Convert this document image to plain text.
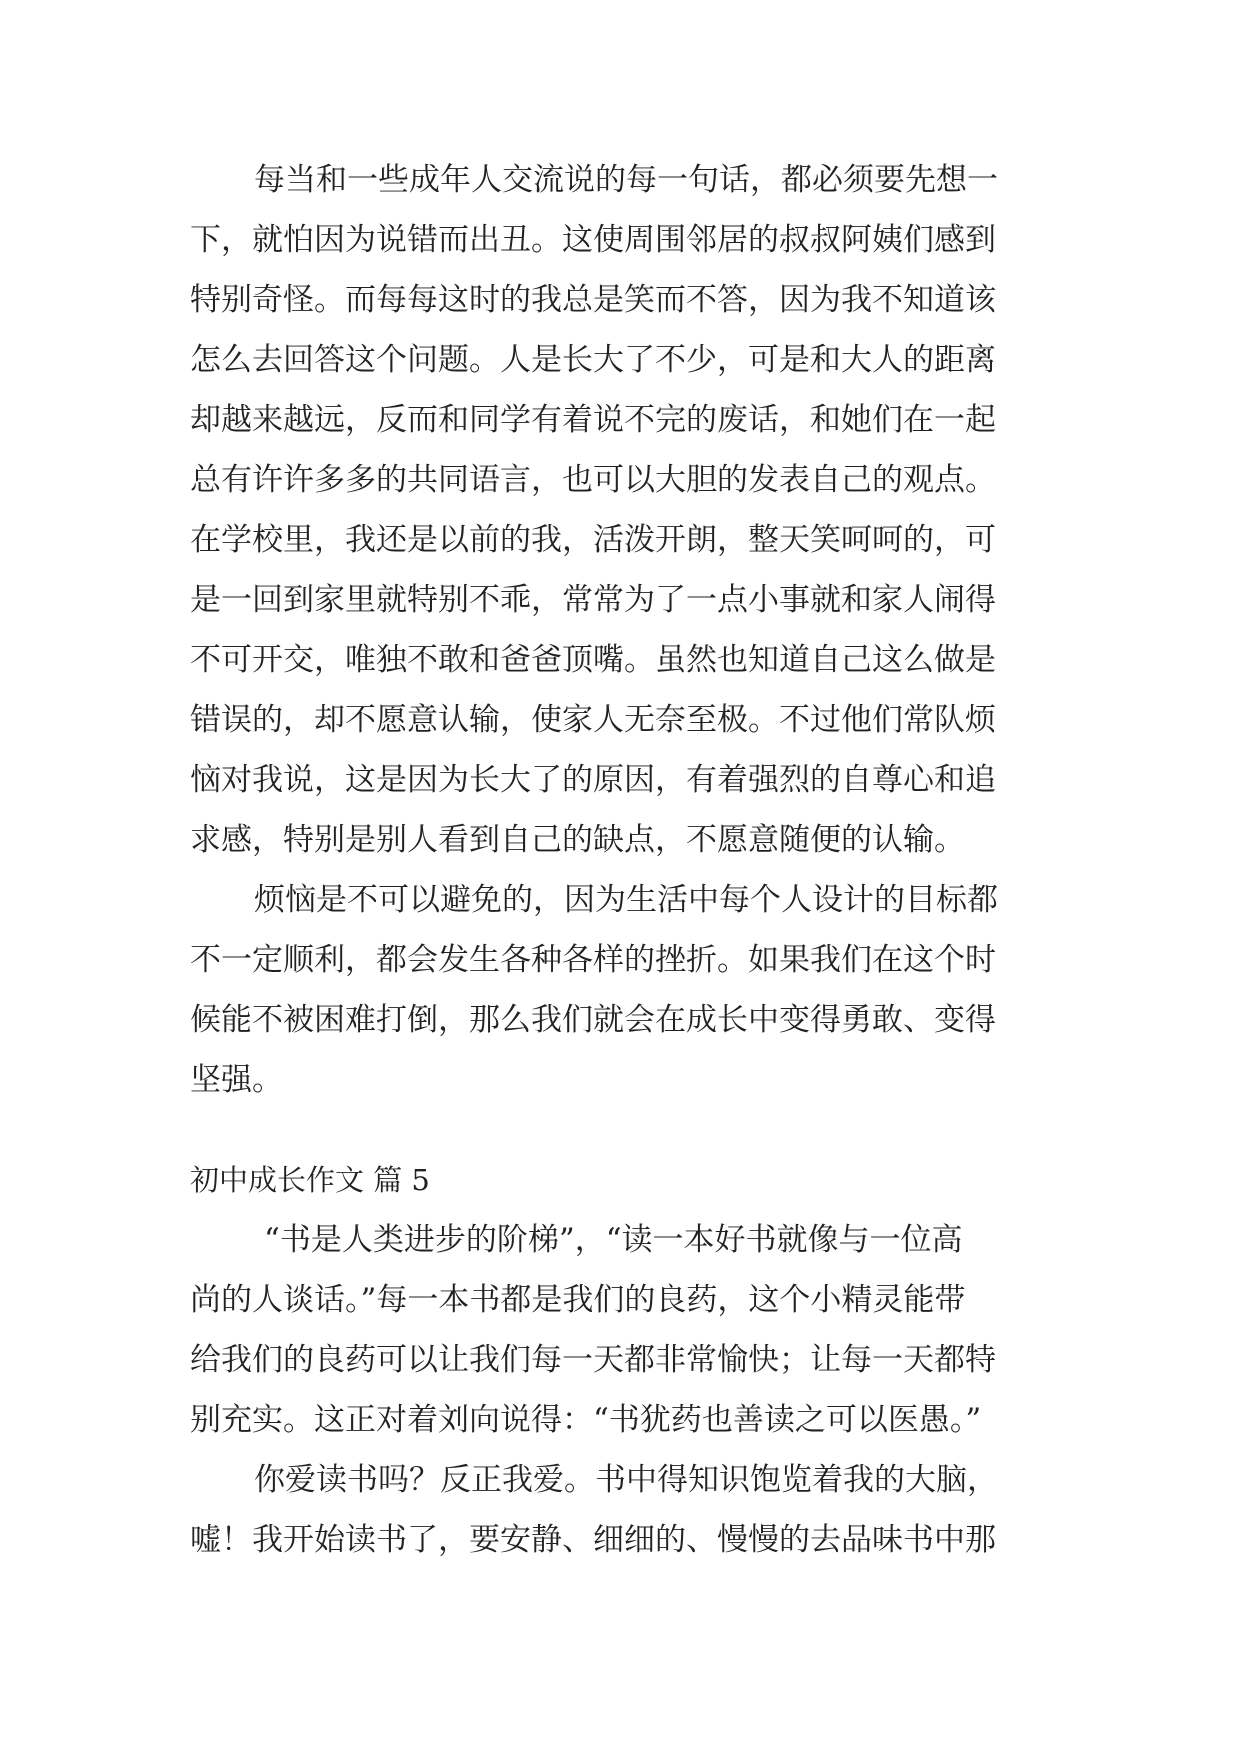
每当和一些成年人交流说的每一句话，都必须要先想一
下，就怕因为说错而出丑。这使周围邻居的叔叔阿姨们感到
特别奇怪。而每每这时的我总是笑而不答，因为我不知道该
怎么去回答这个问题。人是长大了不少，可是和大人的距离
却越来越远，反而和同学有着说不完的废话，和她们在一起
总有许许多多的共同语言，也可以大胆的发表自己的观点。
在学校里，我还是以前的我，活泼开朗，整天笑呵呵的，可
是一回到家里就特别不乖，常常为了一点小事就和家人闹得
不可开交，唯独不敢和爸爸顶嘴。虽然也知道自己这么做是
错误的，却不愿意认输，使家人无奈至极。不过他们常队烦
恼对我说，这是因为长大了的原因，有着强烈的自尊心和追
求感，特别是别人看到自己的缺点，不愿意随便的认输。
烦恼是不可以避免的，因为生活中每个人设计的目标都
不一定顺利，都会发生各种各样的挫折。如果我们在这个时
候能不被困难打倒，那么我们就会在成长中变得勇敢、变得
坚强。
初中成长作文 篇 5
“书是人类进步的阶梯”，“读一本好书就像与一位高
尚的人谈话。”每一本书都是我们的良药，这个小精灵能带
给我们的良药可以让我们每一天都非常愉快；让每一天都特
别充实。这正对着刘向说得：“书犹药也善读之可以医愚。”
你爱读书吗？反正我爱。书中得知识饱览着我的大脑，
嘘！我开始读书了，要安静、细细的、慢慢的去品味书中那
